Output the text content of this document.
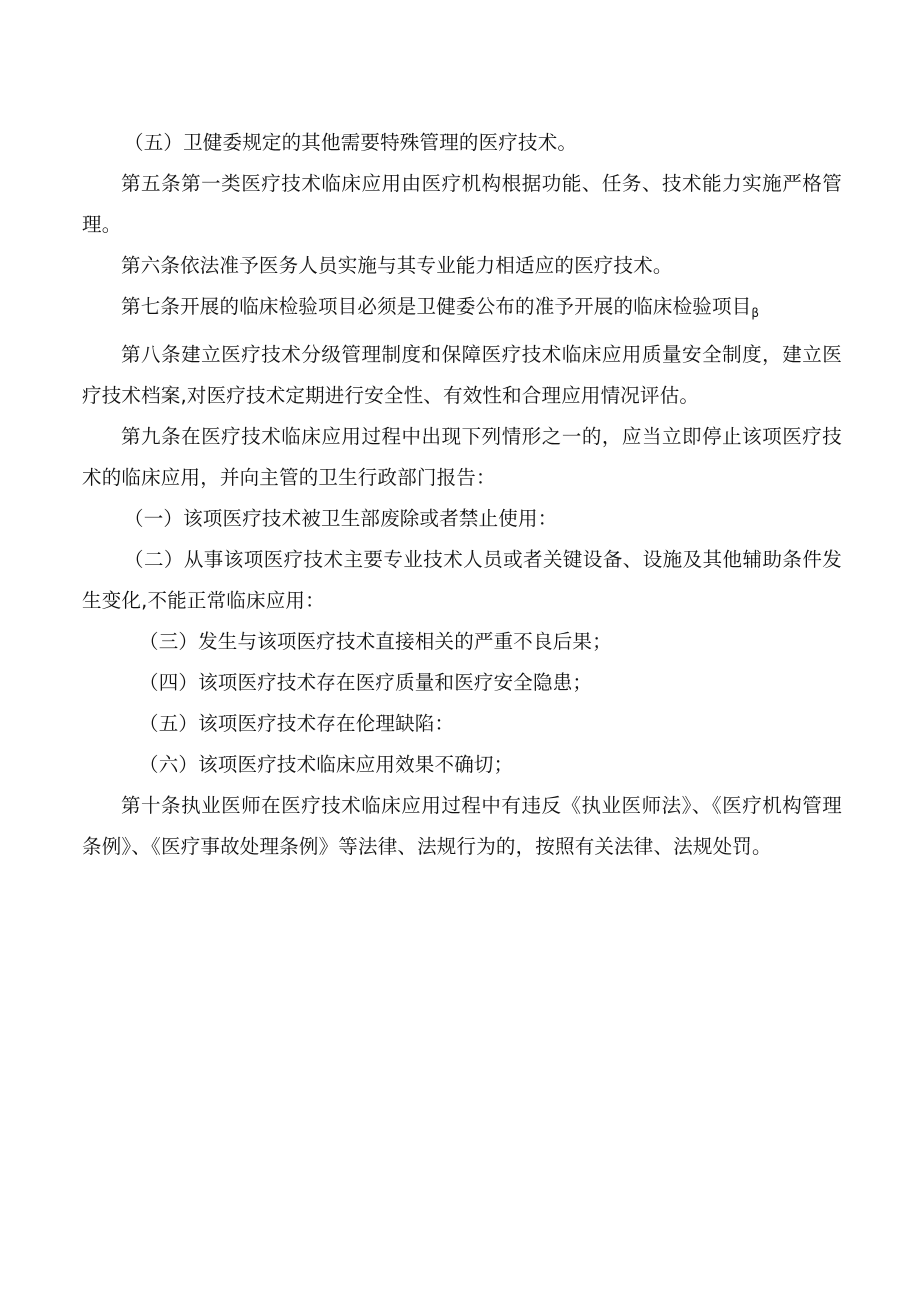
（五）卫健委规定的其他需要特殊管理的医疗技术。

第五条第一类医疗技术临床应用由医疗机构根据功能、任务、技术能力实施严格管理。

第六条依法准予医务人员实施与其专业能力相适应的医疗技术。

第七条开展的临床检验项目必须是卫健委公布的准予开展的临床检验项目$_\beta$

第八条建立医疗技术分级管理制度和保障医疗技术临床应用质量安全制度，建立医疗技术档案,对医疗技术定期进行安全性、有效性和合理应用情况评估。

第九条在医疗技术临床应用过程中出现下列情形之一的，应当立即停止该项医疗技术的临床应用，并向主管的卫生行政部门报告：

（一）该项医疗技术被卫生部废除或者禁止使用：

（二）从事该项医疗技术主要专业技术人员或者关键设备、设施及其他辅助条件发生变化,不能正常临床应用：

（三）发生与该项医疗技术直接相关的严重不良后果；

（四）该项医疗技术存在医疗质量和医疗安全隐患；

（五）该项医疗技术存在伦理缺陷：

（六）该项医疗技术临床应用效果不确切；

第十条执业医师在医疗技术临床应用过程中有违反《执业医师法》、《医疗机构管理条例》、《医疗事故处理条例》等法律、法规行为的，按照有关法律、法规处罚。
